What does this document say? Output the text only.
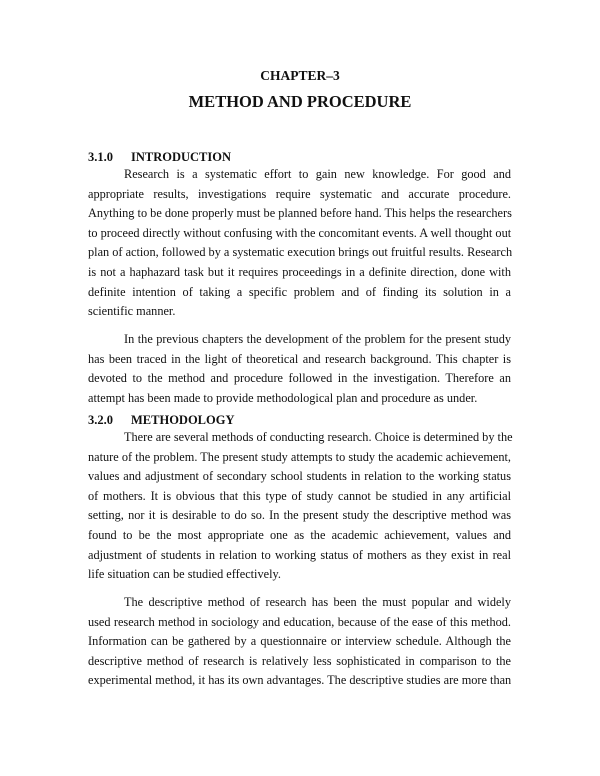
CHAPTER–3
METHOD AND PROCEDURE
3.1.0 INTRODUCTION
Research is a systematic effort to gain new knowledge. For good and
appropriate results, investigations require systematic and accurate procedure.
Anything to be done properly must be planned before hand. This helps the researchers
to proceed directly without confusing with the concomitant events. A well thought out
plan of action, followed by a systematic execution brings out fruitful results. Research
is not a haphazard task but it requires proceedings in a definite direction, done with
definite intention of taking a specific problem and of finding its solution in a
scientific manner.
In the previous chapters the development of the problem for the present study
has been traced in the light of theoretical and research background. This chapter is
devoted to the method and procedure followed in the investigation. Therefore an
attempt has been made to provide methodological plan and procedure as under.
3.2.0 METHODOLOGY
There are several methods of conducting research. Choice is determined by the
nature of the problem. The present study attempts to study the academic achievement,
values and adjustment of secondary school students in relation to the working status
of mothers. It is obvious that this type of study cannot be studied in any artificial
setting, nor it is desirable to do so. In the present study the descriptive method was
found to be the most appropriate one as the academic achievement, values and
adjustment of students in relation to working status of mothers as they exist in real
life situation can be studied effectively.
The descriptive method of research has been the must popular and widely
used research method in sociology and education, because of the ease of this method.
Information can be gathered by a questionnaire or interview schedule. Although the
descriptive method of research is relatively less sophisticated in comparison to the
experimental method, it has its own advantages. The descriptive studies are more than
